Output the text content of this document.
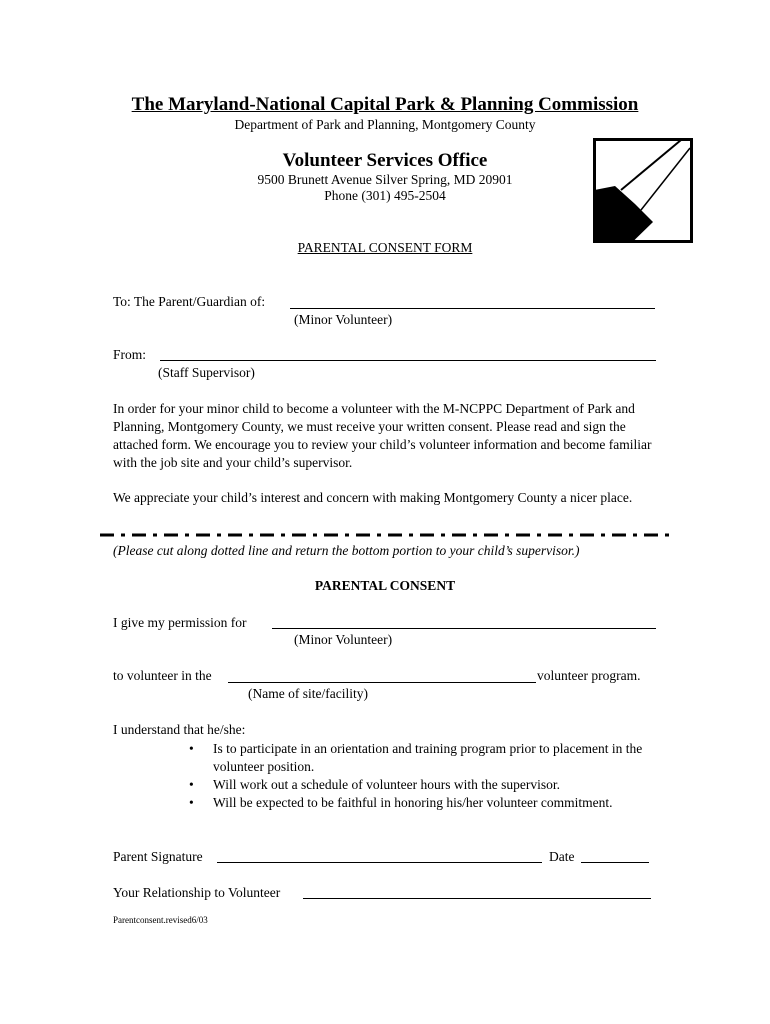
The Maryland-National Capital Park & Planning Commission
Department of Park and Planning, Montgomery County
Volunteer Services Office
9500 Brunett Avenue Silver Spring, MD 20901
Phone (301) 495-2504
PARENTAL CONSENT FORM
To: The Parent/Guardian of:
(Minor Volunteer)
From:
(Staff Supervisor)
In order for your minor child to become a volunteer with the M-NCPPC Department of Park and Planning, Montgomery County, we must receive your written consent. Please read and sign the attached form. We encourage you to review your child’s volunteer information and become familiar with the job site and your child’s supervisor.
We appreciate your child’s interest and concern with making Montgomery County a nicer place.
(Please cut along dotted line and return the bottom portion to your child’s supervisor.)
PARENTAL CONSENT
I give my permission for
(Minor Volunteer)
to volunteer in the	volunteer program.
(Name of site/facility)
I understand that he/she:
• Is to participate in an orientation and training program prior to placement in the volunteer position.
• Will work out a schedule of volunteer hours with the supervisor.
• Will be expected to be faithful in honoring his/her volunteer commitment.
Parent Signature	Date
Your Relationship to Volunteer
Parentconsent.revised6/03
